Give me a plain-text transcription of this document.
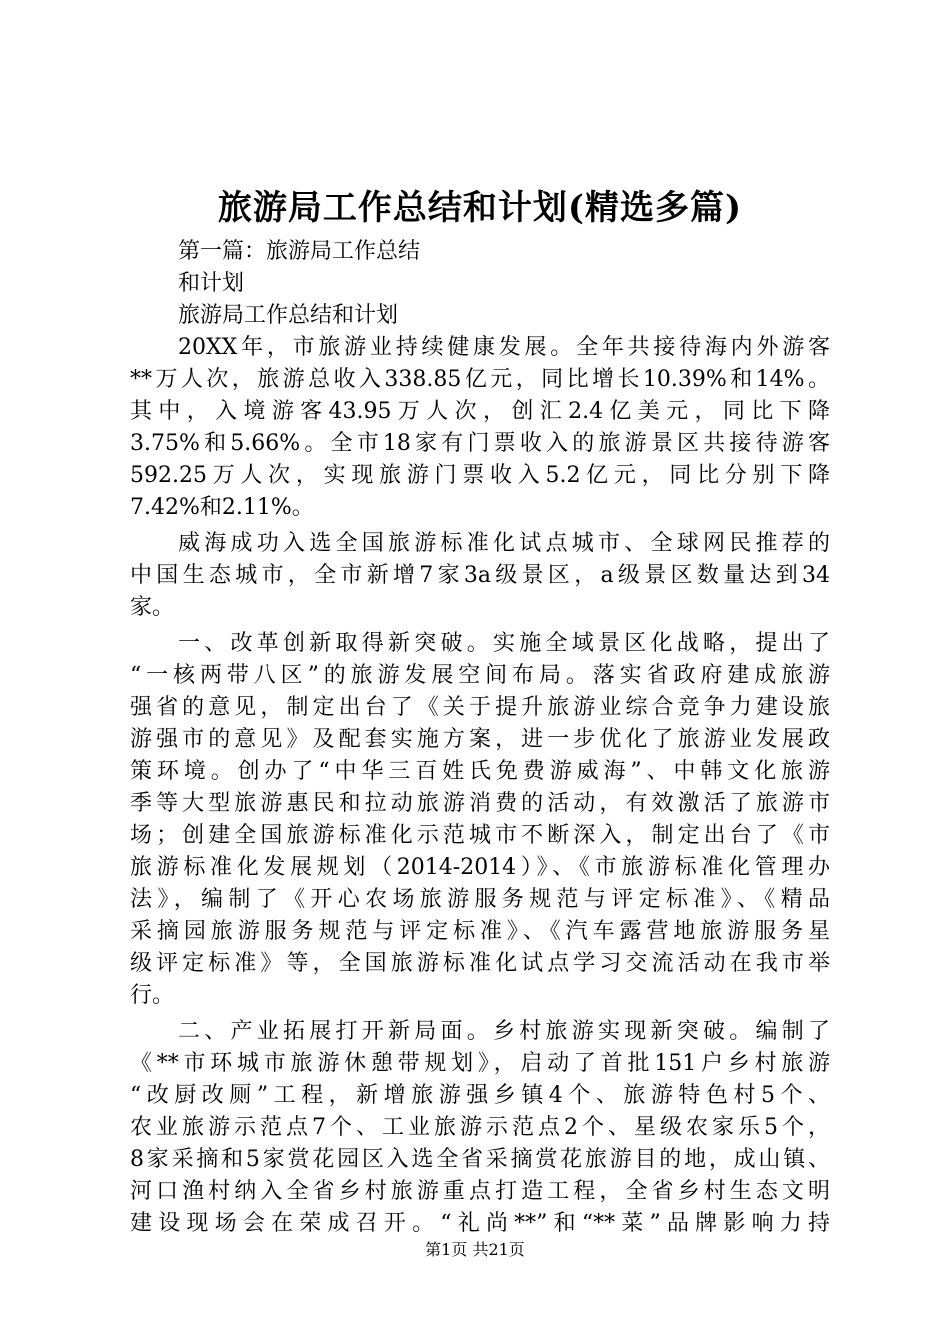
旅游局工作总结和计划(精选多篇)
第一篇：旅游局工作总结
和计划
旅游局工作总结和计划
20XX年，市旅游业持续健康发展。全年共接待海内外游客
**万人次，旅游总收入338.85亿元，同比增长10.39%和14%。
其中，入境游客43.95万人次，创汇2.4亿美元，同比下降
3.75%和5.66%。全市18家有门票收入的旅游景区共接待游客
592.25万人次，实现旅游门票收入5.2亿元，同比分别下降
7.42%和2.11%。
威海成功入选全国旅游标准化试点城市、全球网民推荐的
中国生态城市，全市新增7家3a级景区，a级景区数量达到34
家。
一、改革创新取得新突破。实施全域景区化战略，提出了
“一核两带八区”的旅游发展空间布局。落实省政府建成旅游
强省的意见，制定出台了《关于提升旅游业综合竞争力建设旅
游强市的意见》及配套实施方案，进一步优化了旅游业发展政
策环境。创办了“中华三百姓氏免费游威海”、中韩文化旅游
季等大型旅游惠民和拉动旅游消费的活动，有效激活了旅游市
场；创建全国旅游标准化示范城市不断深入，制定出台了《市
旅游标准化发展规划（2014-2014）》、《市旅游标准化管理办
法》，编制了《开心农场旅游服务规范与评定标准》、《精品
采摘园旅游服务规范与评定标准》、《汽车露营地旅游服务星
级评定标准》等，全国旅游标准化试点学习交流活动在我市举
行。
二、产业拓展打开新局面。乡村旅游实现新突破。编制了
《**市环城市旅游休憩带规划》，启动了首批151户乡村旅游
“改厨改厕”工程，新增旅游强乡镇4个、旅游特色村5个、
农业旅游示范点7个、工业旅游示范点2个、星级农家乐5个，
8家采摘和5家赏花园区入选全省采摘赏花旅游目的地，成山镇、
河口渔村纳入全省乡村旅游重点打造工程，全省乡村生态文明
建设现场会在荣成召开。“礼尚**”和“**菜”品牌影响力持
第1页 共21页
